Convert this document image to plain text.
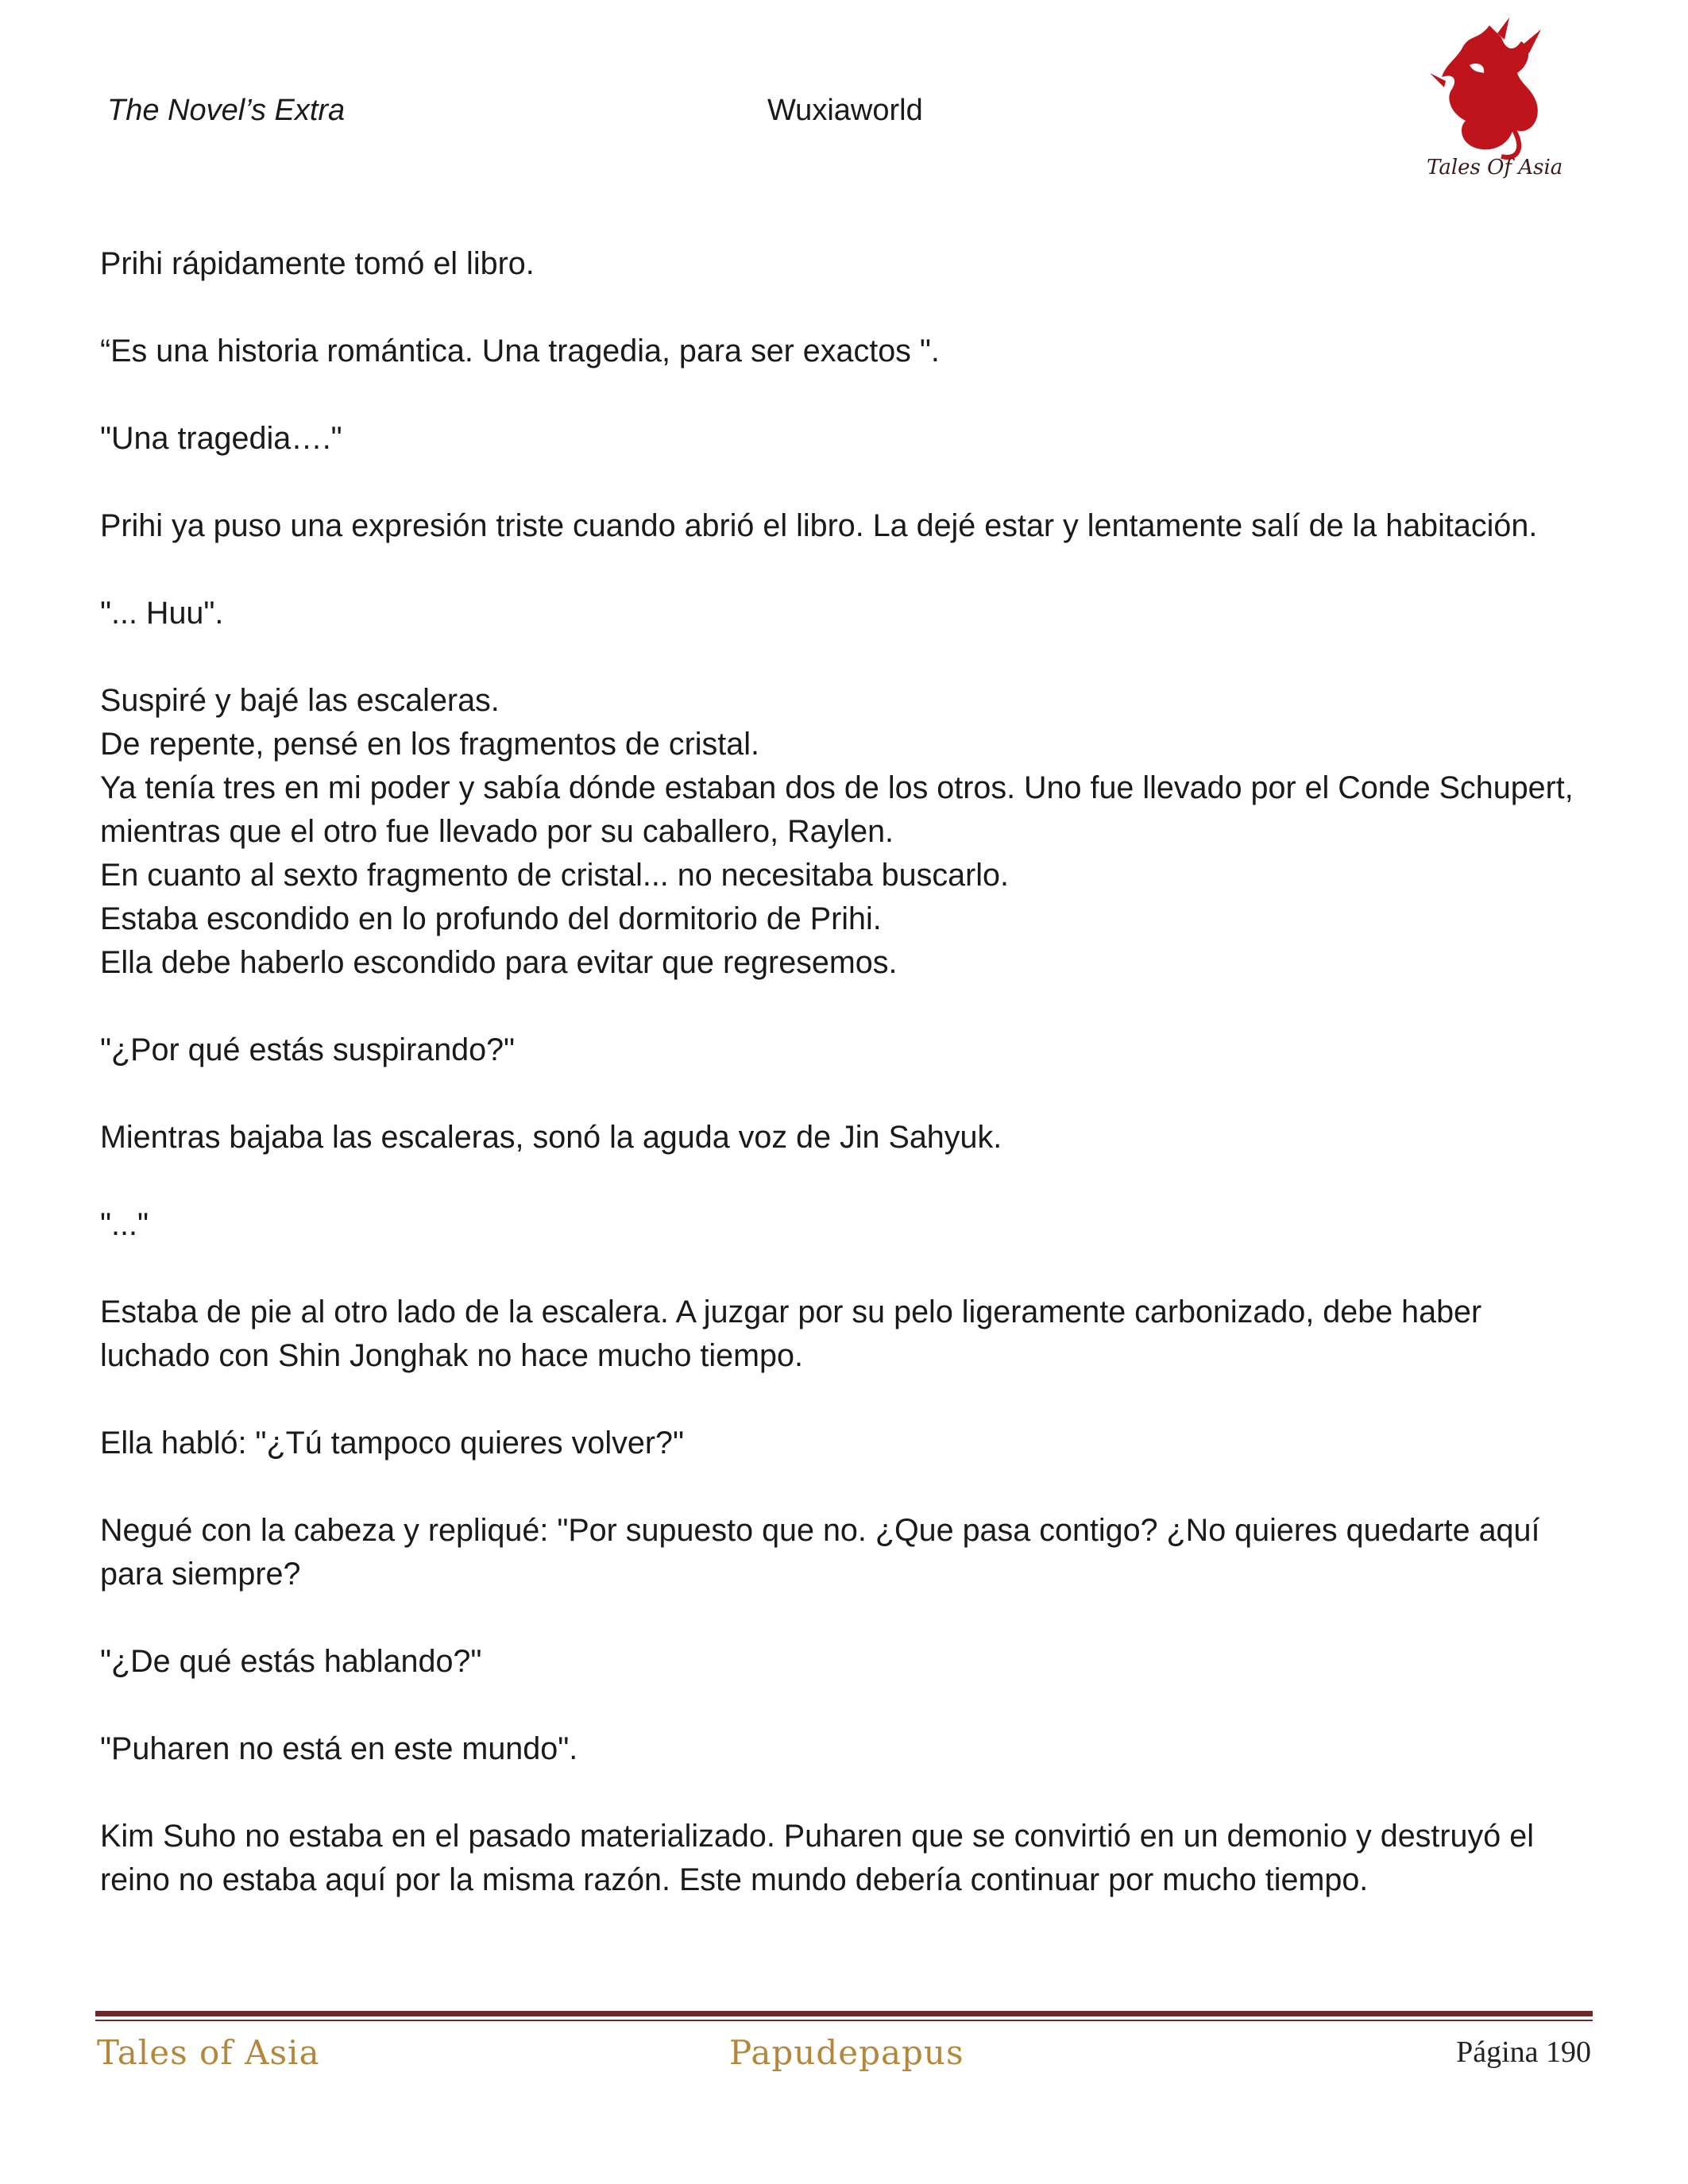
The Novel’s Extra	Wuxiaworld
Tales Of Asia

Prihi rápidamente tomó el libro.

“Es una historia romántica. Una tragedia, para ser exactos ".

"Una tragedia…."

Prihi ya puso una expresión triste cuando abrió el libro. La dejé estar y lentamente salí de la habitación.

"... Huu".

Suspiré y bajé las escaleras.
De repente, pensé en los fragmentos de cristal.
Ya tenía tres en mi poder y sabía dónde estaban dos de los otros. Uno fue llevado por el Conde Schupert, mientras que el otro fue llevado por su caballero, Raylen.
En cuanto al sexto fragmento de cristal... no necesitaba buscarlo.
Estaba escondido en lo profundo del dormitorio de Prihi.
Ella debe haberlo escondido para evitar que regresemos.

"¿Por qué estás suspirando?"

Mientras bajaba las escaleras, sonó la aguda voz de Jin Sahyuk.

"..."

Estaba de pie al otro lado de la escalera. A juzgar por su pelo ligeramente carbonizado, debe haber luchado con Shin Jonghak no hace mucho tiempo.

Ella habló: "¿Tú tampoco quieres volver?"

Negué con la cabeza y repliqué: "Por supuesto que no. ¿Que pasa contigo? ¿No quieres quedarte aquí para siempre?

"¿De qué estás hablando?"

"Puharen no está en este mundo".

Kim Suho no estaba en el pasado materializado. Puharen que se convirtió en un demonio y destruyó el reino no estaba aquí por la misma razón. Este mundo debería continuar por mucho tiempo.

Tales of Asia	Papudepapus	Página 190
